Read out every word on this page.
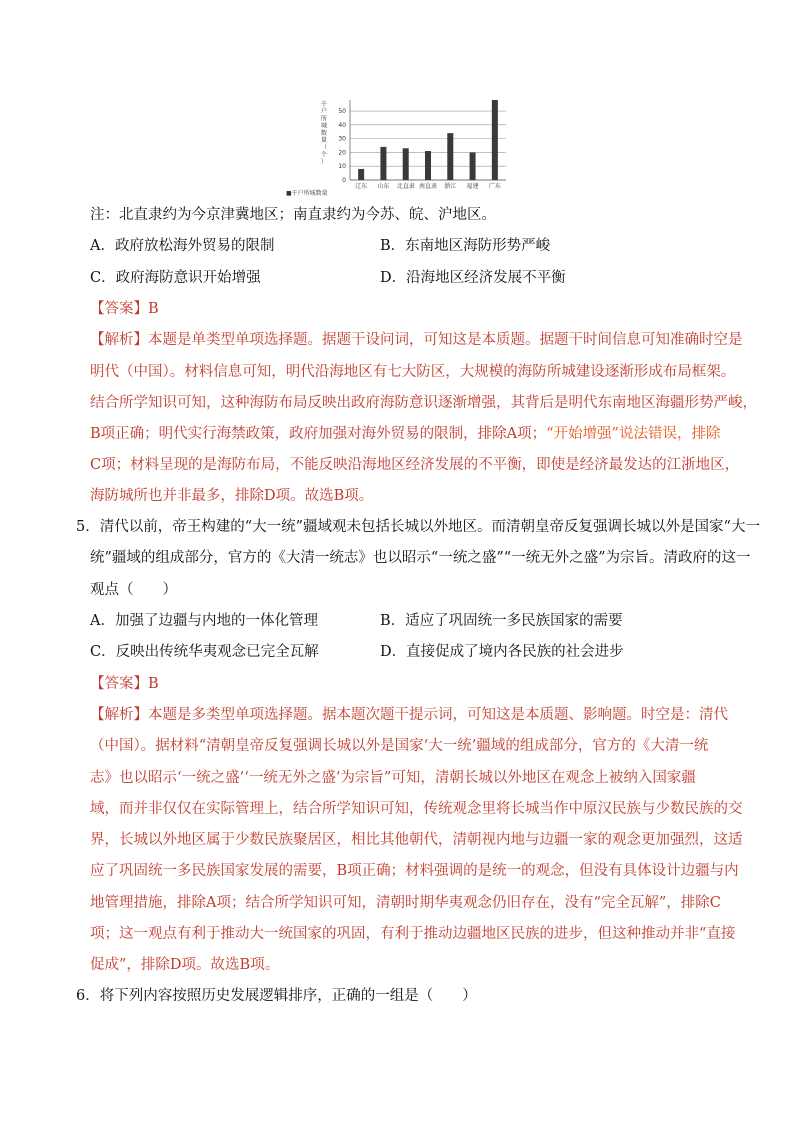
0
10
20
30
40
50
辽东 山东 北直隶 南直隶 浙江 福建 广东
千户所城数量（个）
■千户所城数量
注：北直隶约为今京津冀地区；南直隶约为今苏、皖、沪地区。
A．政府放松海外贸易的限制	B．东南地区海防形势严峻
C．政府海防意识开始增强	D．沿海地区经济发展不平衡
【答案】B
【解析】本题是单类型单项选择题。据题干设问词，可知这是本质题。据题干时间信息可知准确时空是
明代（中国）。材料信息可知，明代沿海地区有七大防区，大规模的海防所城建设逐渐形成布局框架。
结合所学知识可知，这种海防布局反映出政府海防意识逐渐增强，其背后是明代东南地区海疆形势严峻，
B项正确；明代实行海禁政策，政府加强对海外贸易的限制，排除A项；“开始增强”说法错误，排除
C项；材料呈现的是海防布局，不能反映沿海地区经济发展的不平衡，即使是经济最发达的江浙地区，
海防城所也并非最多，排除D项。故选B项。
5．清代以前，帝王构建的“大一统”疆域观未包括长城以外地区。而清朝皇帝反复强调长城以外是国家“大一
统”疆域的组成部分，官方的《大清一统志》也以昭示“一统之盛”“一统无外之盛”为宗旨。清政府的这一
观点（　　）
A．加强了边疆与内地的一体化管理	B．适应了巩固统一多民族国家的需要
C．反映出传统华夷观念已完全瓦解	D．直接促成了境内各民族的社会进步
【答案】B
【解析】本题是多类型单项选择题。据本题次题干提示词，可知这是本质题、影响题。时空是：清代
（中国）。据材料“清朝皇帝反复强调长城以外是国家‘大一统’疆域的组成部分，官方的《大清一统
志》也以昭示‘一统之盛’‘一统无外之盛’为宗旨”可知，清朝长城以外地区在观念上被纳入国家疆
域，而并非仅仅在实际管理上，结合所学知识可知，传统观念里将长城当作中原汉民族与少数民族的交
界，长城以外地区属于少数民族聚居区，相比其他朝代，清朝视内地与边疆一家的观念更加强烈，这适
应了巩固统一多民族国家发展的需要，B项正确；材料强调的是统一的观念，但没有具体设计边疆与内
地管理措施，排除A项；结合所学知识可知，清朝时期华夷观念仍旧存在，没有“完全瓦解”，排除C
项；这一观点有利于推动大一统国家的巩固，有利于推动边疆地区民族的进步，但这种推动并非“直接
促成”，排除D项。故选B项。
6．将下列内容按照历史发展逻辑排序，正确的一组是（　　）
